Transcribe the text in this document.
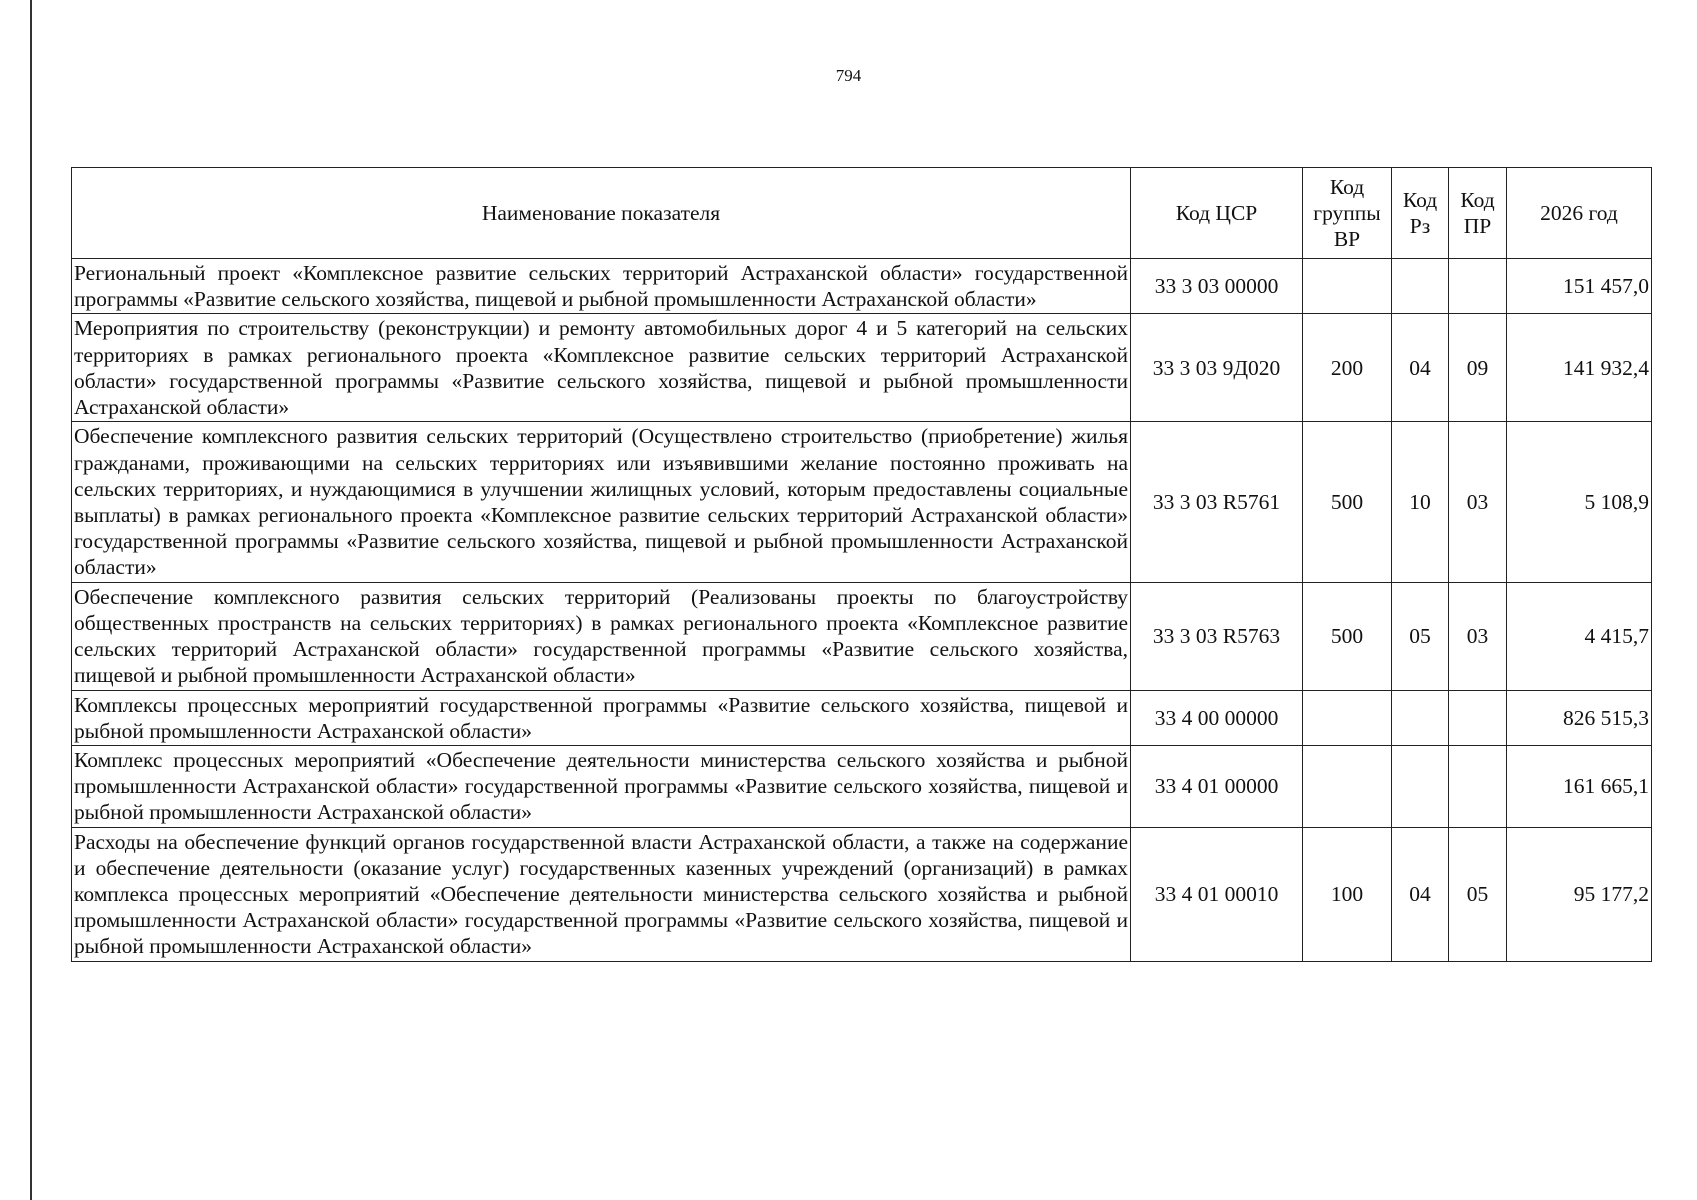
794
Наименование показателя	Код ЦСР	Код группы ВР	Код Рз	Код ПР	2026 год
Региональный проект «Комплексное развитие сельских территорий Астраханской области» государственной программы «Развитие сельского хозяйства, пищевой и рыбной промышленности Астраханской области»	33 3 03 00000				151 457,0
Мероприятия по строительству (реконструкции) и ремонту автомобильных дорог 4 и 5 категорий на сельских территориях в рамках регионального проекта «Комплексное развитие сельских территорий Астраханской области» государственной программы «Развитие сельского хозяйства, пищевой и рыбной промышленности Астраханской области»	33 3 03 9Д020	200	04	09	141 932,4
Обеспечение комплексного развития сельских территорий (Осуществлено строительство (приобретение) жилья гражданами, проживающими на сельских территориях или изъявившими желание постоянно проживать на сельских территориях, и нуждающимися в улучшении жилищных условий, которым предоставлены социальные выплаты) в рамках регионального проекта «Комплексное развитие сельских территорий Астраханской области» государственной программы «Развитие сельского хозяйства, пищевой и рыбной промышленности Астраханской области»	33 3 03 R5761	500	10	03	5 108,9
Обеспечение комплексного развития сельских территорий (Реализованы проекты по благоустройству общественных пространств на сельских территориях) в рамках регионального проекта «Комплексное развитие сельских территорий Астраханской области» государственной программы «Развитие сельского хозяйства, пищевой и рыбной промышленности Астраханской области»	33 3 03 R5763	500	05	03	4 415,7
Комплексы процессных мероприятий государственной программы «Развитие сельского хозяйства, пищевой и рыбной промышленности Астраханской области»	33 4 00 00000				826 515,3
Комплекс процессных мероприятий «Обеспечение деятельности министерства сельского хозяйства и рыбной промышленности Астраханской области» государственной программы «Развитие сельского хозяйства, пищевой и рыбной промышленности Астраханской области»	33 4 01 00000				161 665,1
Расходы на обеспечение функций органов государственной власти Астраханской области, а также на содержание и обеспечение деятельности (оказание услуг) государственных казенных учреждений (организаций) в рамках комплекса процессных мероприятий «Обеспечение деятельности министерства сельского хозяйства и рыбной промышленности Астраханской области» государственной программы «Развитие сельского хозяйства, пищевой и рыбной промышленности Астраханской области»	33 4 01 00010	100	04	05	95 177,2
